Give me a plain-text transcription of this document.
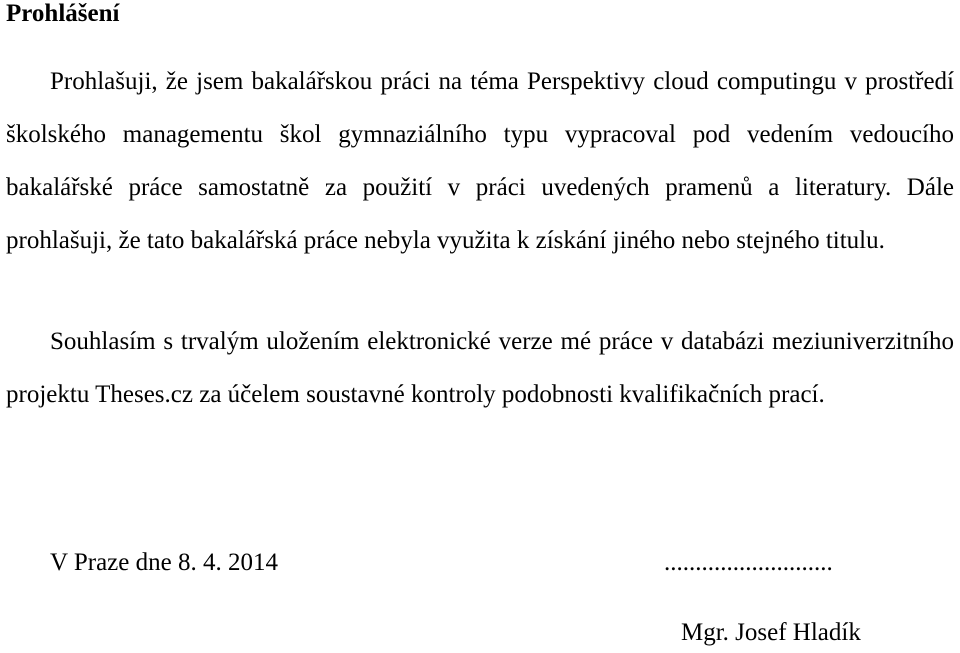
Prohlášení

Prohlašuji, že jsem bakalářskou práci na téma Perspektivy cloud computingu v prostředí školského managementu škol gymnaziálního typu vypracoval pod vedením vedoucího bakalářské práce samostatně za použití v práci uvedených pramenů a literatury. Dále prohlašuji, že tato bakalářská práce nebyla využita k získání jiného nebo stejného titulu.

Souhlasím s trvalým uložením elektronické verze mé práce v databázi meziuniverzitního projektu Theses.cz za účelem soustavné kontroly podobnosti kvalifikačních prací.

V Praze dne 8. 4. 2014	...........................
Mgr. Josef Hladík
